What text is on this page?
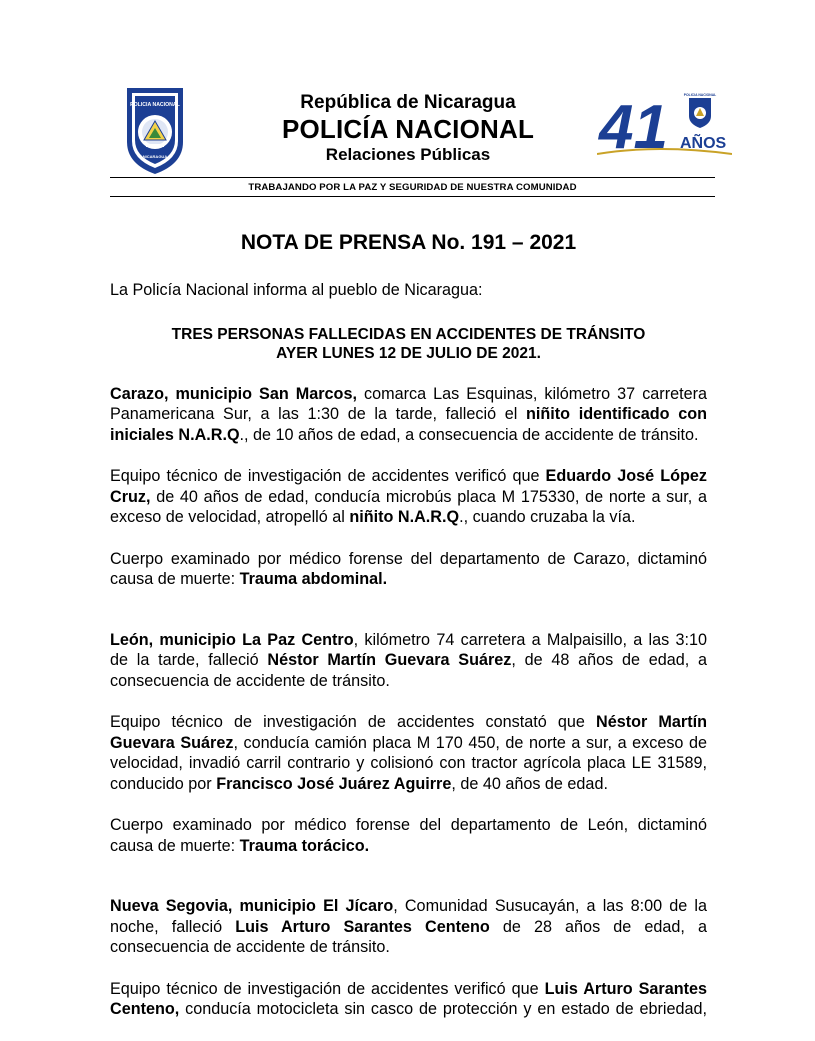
POLICIA NACIONAL
NICARAGUA
República de Nicaragua
POLICÍA NACIONAL
Relaciones Públicas	41	POLICIA NACIONAL
AÑOS
TRABAJANDO POR LA PAZ Y SEGURIDAD DE NUESTRA COMUNIDAD
NOTA DE PRENSA No. 191 – 2021
La Policía Nacional informa al pueblo de Nicaragua:
TRES PERSONAS FALLECIDAS EN ACCIDENTES DE TRÁNSITO
AYER LUNES 12 DE JULIO DE 2021.

Carazo, municipio San Marcos, comarca Las Esquinas, kilómetro 37 carretera Panamericana Sur, a las 1:30 de la tarde, falleció el niñito identificado con iniciales N.A.R.Q., de 10 años de edad, a consecuencia de accidente de tránsito.

Equipo técnico de investigación de accidentes verificó que Eduardo José López Cruz, de 40 años de edad, conducía microbús placa M 175330, de norte a sur, a exceso de velocidad, atropelló al niñito N.A.R.Q., cuando cruzaba la vía.

Cuerpo examinado por médico forense del departamento de Carazo, dictaminó causa de muerte: Trauma abdominal.

León, municipio La Paz Centro, kilómetro 74 carretera a Malpaisillo, a las 3:10 de la tarde, falleció Néstor Martín Guevara Suárez, de 48 años de edad, a consecuencia de accidente de tránsito.

Equipo técnico de investigación de accidentes constató que Néstor Martín Guevara Suárez, conducía camión placa M 170 450, de norte a sur, a exceso de velocidad, invadió carril contrario y colisionó con tractor agrícola placa LE 31589, conducido por Francisco José Juárez Aguirre, de 40 años de edad.

Cuerpo examinado por médico forense del departamento de León, dictaminó causa de muerte: Trauma torácico.

Nueva Segovia, municipio El Jícaro, Comunidad Susucayán, a las 8:00 de la noche, falleció Luis Arturo Sarantes Centeno de 28 años de edad, a consecuencia de accidente de tránsito.

Equipo técnico de investigación de accidentes verificó que Luis Arturo Sarantes Centeno, conducía motocicleta sin casco de protección y en estado de ebriedad,
